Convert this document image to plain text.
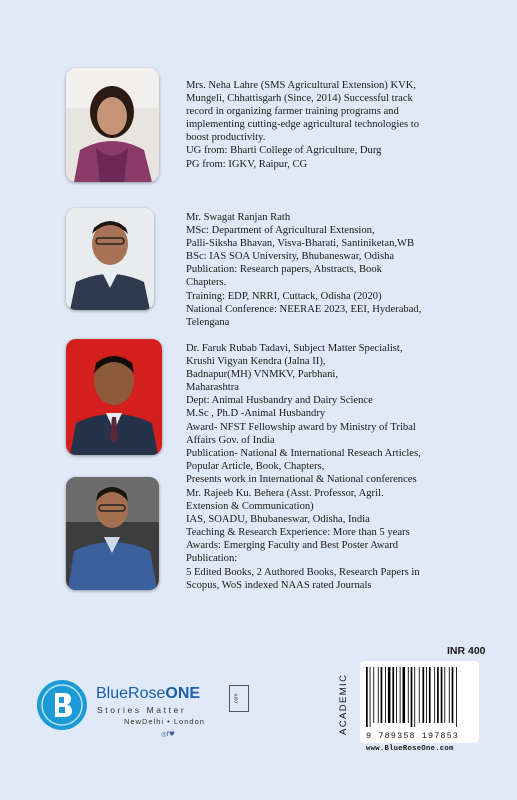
Mrs. Neha Lahre (SMS Agricultural Extension) KVK,
Mungeli, Chhattisgarh (Since, 2014) Successful track
record in organizing farmer training programs and
implementing cutting-edge agricultural technologies to
boost productivity.
UG from: Bharti College of Agriculture, Durg
PG from: IGKV, Raipur, CG
Mr. Swagat Ranjan Rath
MSc: Department of Agricultural Extension,
Palli-Siksha Bhavan, Visva-Bharati, Santiniketan,WB
BSc: IAS SOA University, Bhubaneswar, Odisha
Publication: Research papers, Abstracts, Book
Chapters.
Training: EDP, NRRI, Cuttack, Odisha (2020)
National Conference: NEERAE 2023, EEI, Hyderabad,
Telengana
Dr. Faruk Rubab Tadavi, Subject Matter Specialist,
Krushi Vigyan Kendra (Jalna II),
Badnapur(MH) VNMKV, Parbhani,
Maharashtra
Dept: Animal Husbandry and Dairy Science
M.Sc , Ph.D -Animal Husbandry
Award- NFST Fellowship award by Ministry of Tribal
Affairs Gov. of India
Publication- National & International Reseach Articles,
Popular Article, Book, Chapters,
Presents work in International & National conferences
Mr. Rajeeb Ku. Behera (Asst. Professor, Agril.
Extension & Communication)
IAS, SOADU, Bhubaneswar, Odisha, India
Teaching & Research Experience: More than 5 years
Awards: Emerging Faculty and Best Poster Award
Publication:
5 Edited Books, 2 Authored Books, Research Papers in
Scopus, WoS indexed NAAS rated Journals
INR 400
ACADEMIC
9 789358 197853
www.BlueRoseOne.com
BlueRoseONE	.com
Stories Matter
NewDelhi • London
◎f♥
